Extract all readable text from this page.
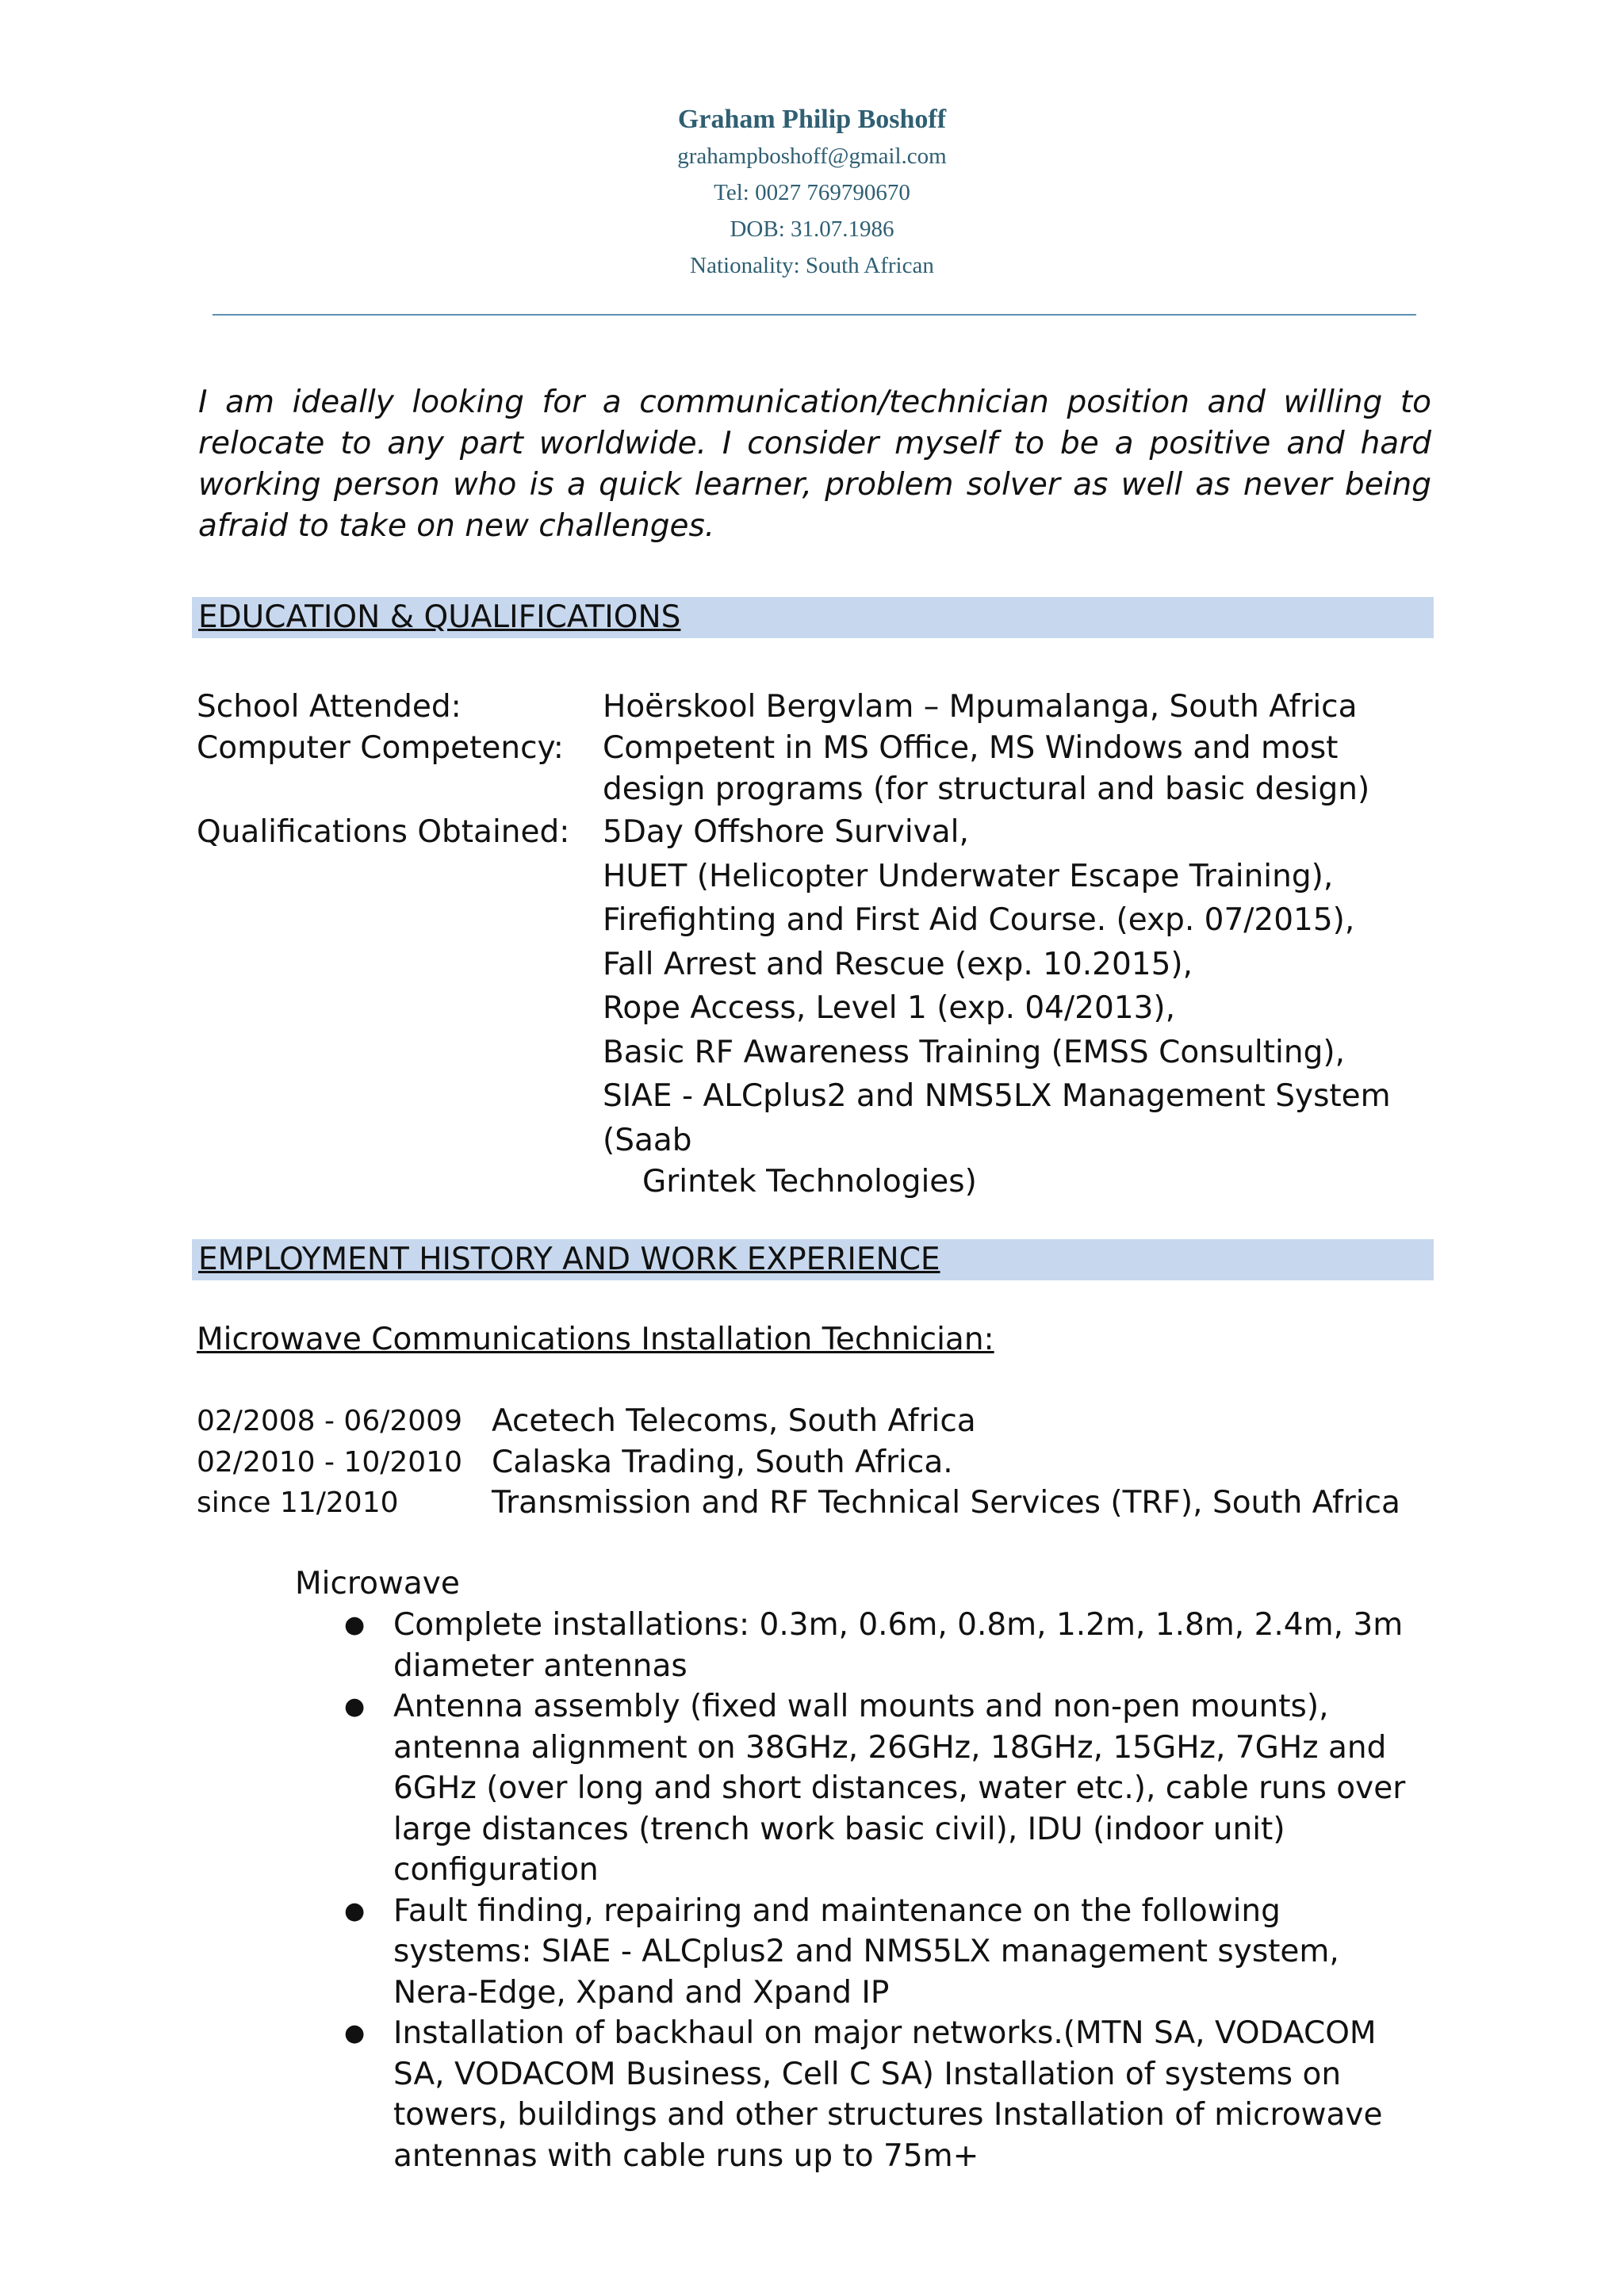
Graham Philip Boshoff
grahampboshoff@gmail.com
Tel: 0027 769790670
DOB: 31.07.1986
Nationality: South African
I am ideally looking for a communication/technician position and willing to relocate to any part worldwide. I consider myself to be a positive and hard working person who is a quick learner, problem solver as well as never being afraid to take on new challenges.
EDUCATION & QUALIFICATIONS
School Attended:	Hoërskool Bergvlam – Mpumalanga, South Africa
Computer Competency: Competent in MS Office, MS Windows and most design programs (for structural and basic design)
Qualifications Obtained: 5Day Offshore Survival,
HUET (Helicopter Underwater Escape Training),
Firefighting and First Aid Course. (exp. 07/2015),
Fall Arrest and Rescue (exp. 10.2015),
Rope Access, Level 1 (exp. 04/2013),
Basic RF Awareness Training (EMSS Consulting),
SIAE - ALCplus2 and NMS5LX Management System (Saab
Grintek Technologies)
EMPLOYMENT HISTORY AND WORK EXPERIENCE
Microwave Communications Installation Technician:
02/2008 - 06/2009 Acetech Telecoms, South Africa
02/2010 - 10/2010 Calaska Trading, South Africa.
since 11/2010	Transmission and RF Technical Services (TRF), South Africa
Microwave
● Complete installations: 0.3m, 0.6m, 0.8m, 1.2m, 1.8m, 2.4m, 3m diameter antennas
● Antenna assembly (fixed wall mounts and non-pen mounts), antenna alignment on 38GHz, 26GHz, 18GHz, 15GHz, 7GHz and 6GHz (over long and short distances, water etc.), cable runs over large distances (trench work basic civil), IDU (indoor unit) configuration
● Fault finding, repairing and maintenance on the following systems: SIAE - ALCplus2 and NMS5LX management system, Nera-Edge, Xpand and Xpand IP
● Installation of backhaul on major networks.(MTN SA, VODACOM SA, VODACOM Business, Cell C SA) Installation of systems on towers, buildings and other structures Installation of microwave antennas with cable runs up to 75m+
